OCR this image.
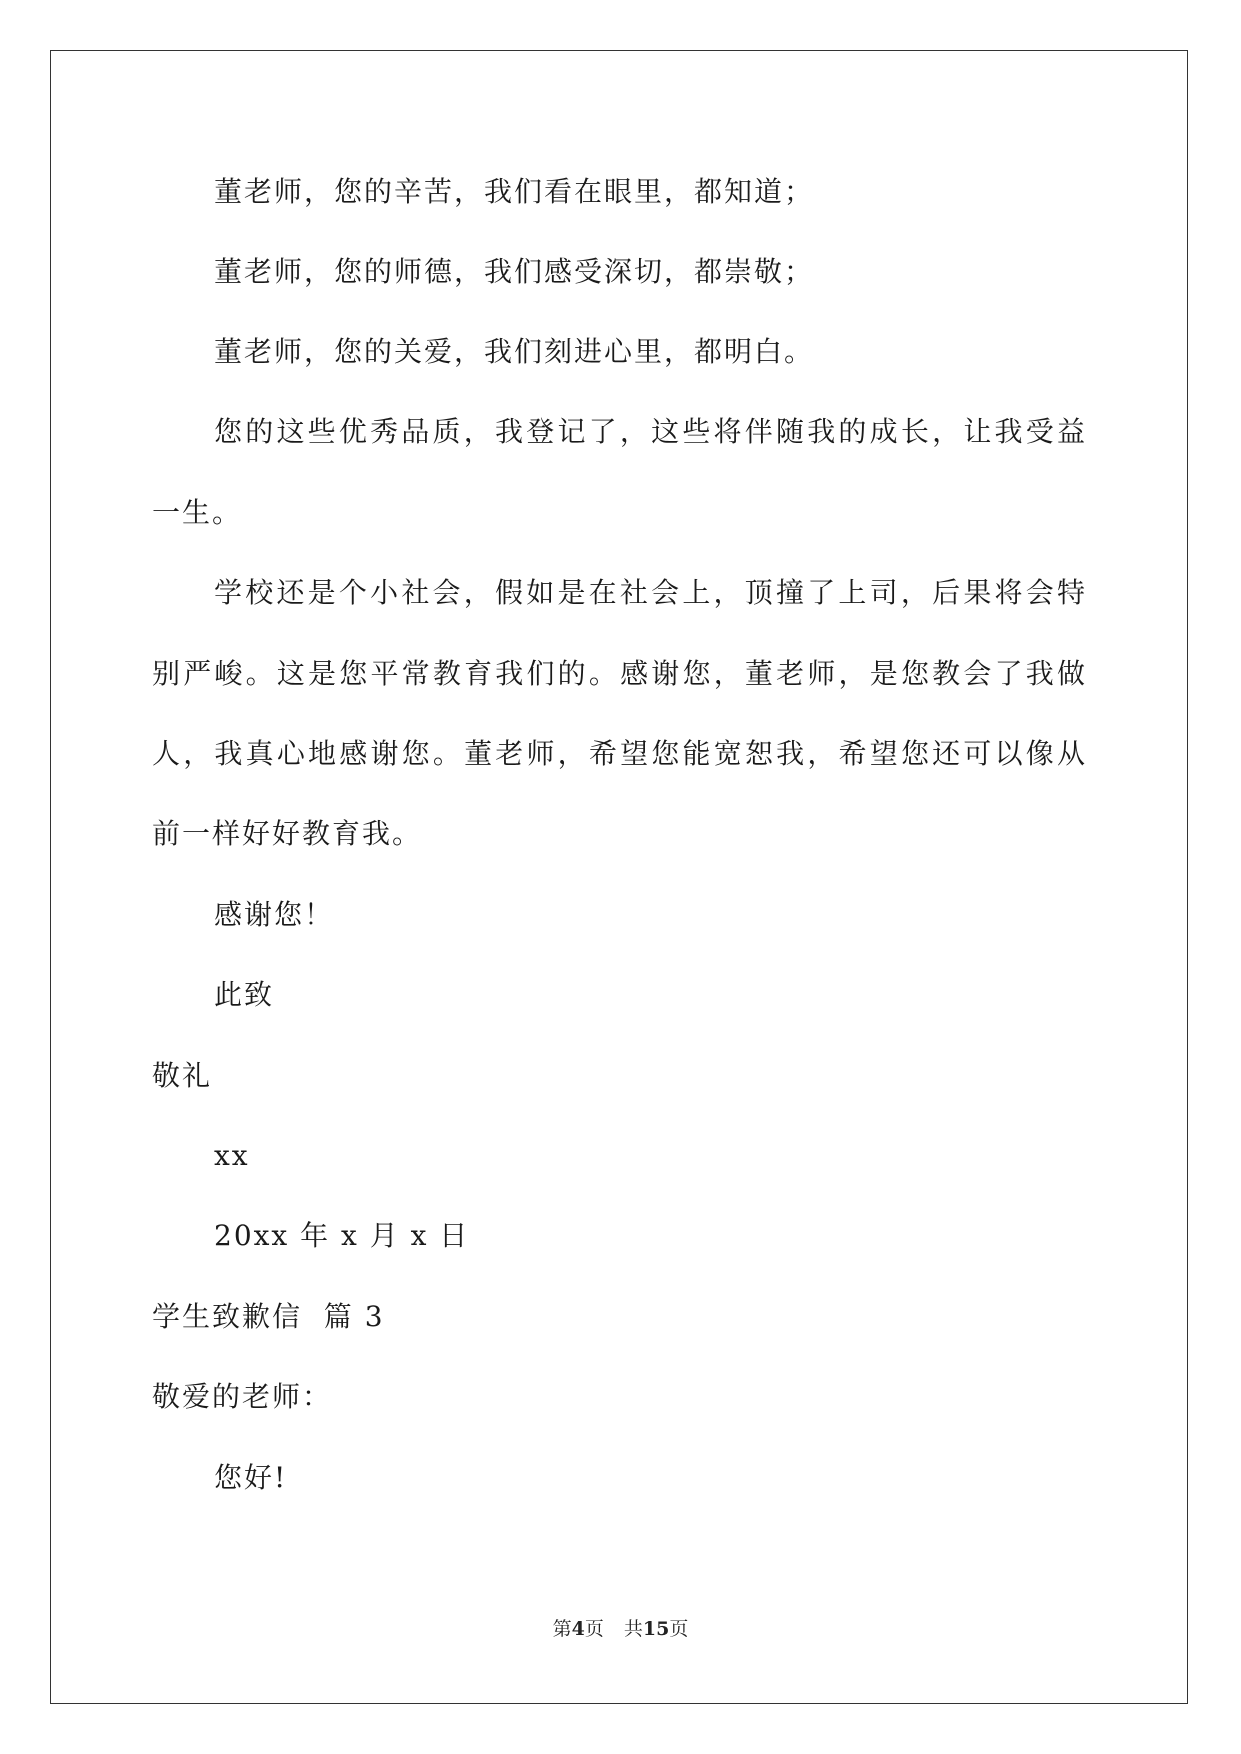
董老师，您的辛苦，我们看在眼里，都知道；
董老师，您的师德，我们感受深切，都崇敬；
董老师，您的关爱，我们刻进心里，都明白。
您的这些优秀品质，我登记了，这些将伴随我的成长，让我受益
一生。
学校还是个小社会，假如是在社会上，顶撞了上司，后果将会特
别严峻。这是您平常教育我们的。感谢您，董老师，是您教会了我做
人，我真心地感谢您。董老师，希望您能宽恕我，希望您还可以像从
前一样好好教育我。
感谢您！
此致
敬礼
xx
20xx 年 x 月 x 日
学生致歉信  篇 3
敬爱的老师：
您好!
第4页 共15页
